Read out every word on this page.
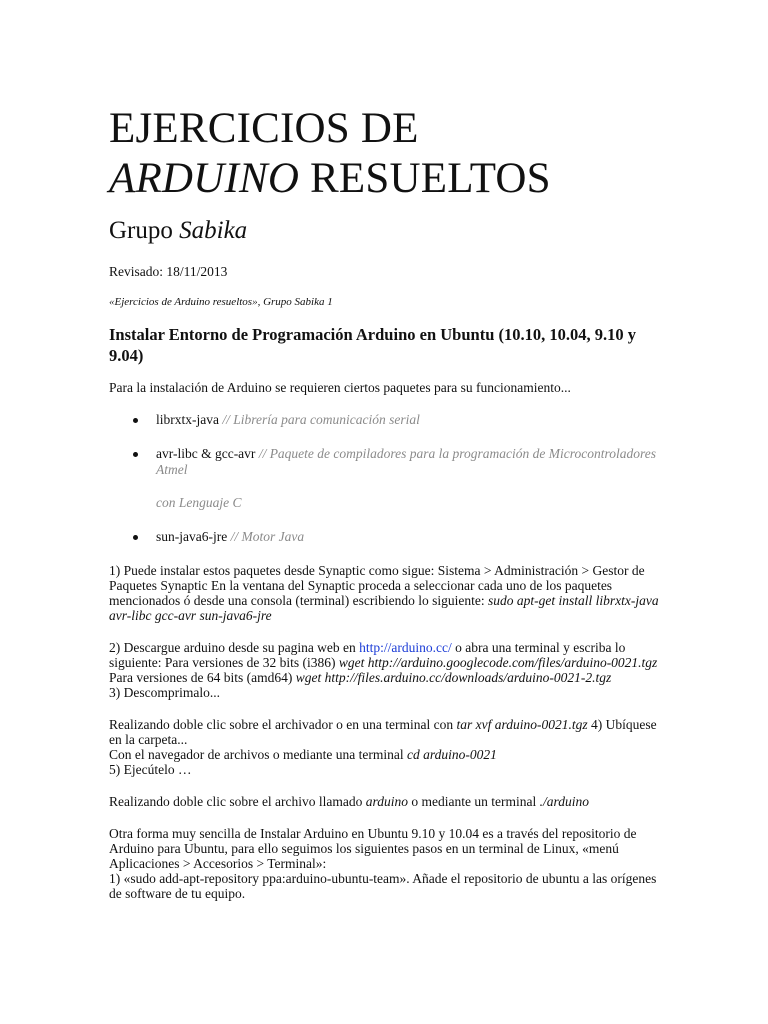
EJERCICIOS DE
ARDUINO RESUELTOS
Grupo Sabika

Revisado: 18/11/2013

«Ejercicios de Arduino resueltos», Grupo Sabika 1

Instalar Entorno de Programación Arduino en Ubuntu (10.10, 10.04, 9.10 y 9.04)

Para la instalación de Arduino se requieren ciertos paquetes para su funcionamiento...

librxtx-java // Librería para comunicación serial
avr-libc & gcc-avr // Paquete de compiladores para la programación de Microcontroladores Atmel
con Lenguaje C
sun-java6-jre // Motor Java

1) Puede instalar estos paquetes desde Synaptic como sigue: Sistema > Administración > Gestor de Paquetes Synaptic En la ventana del Synaptic proceda a seleccionar cada uno de los paquetes mencionados ó desde una consola (terminal) escribiendo lo siguiente: sudo apt-get install librxtx-java avr-libc gcc-avr sun-java6-jre

2) Descargue arduino desde su pagina web en http://arduino.cc/ o abra una terminal y escriba lo siguiente: Para versiones de 32 bits (i386) wget http://arduino.googlecode.com/files/arduino-0021.tgz
Para versiones de 64 bits (amd64) wget http://files.arduino.cc/downloads/arduino-0021-2.tgz
3) Descomprimalo...

Realizando doble clic sobre el archivador o en una terminal con tar xvf arduino-0021.tgz 4) Ubíquese en la carpeta...
Con el navegador de archivos o mediante una terminal cd arduino-0021
5) Ejecútelo …

Realizando doble clic sobre el archivo llamado arduino o mediante un terminal ./arduino

Otra forma muy sencilla de Instalar Arduino en Ubuntu 9.10 y 10.04 es a través del repositorio de Arduino para Ubuntu, para ello seguimos los siguientes pasos en un terminal de Linux, «menú Aplicaciones > Accesorios > Terminal»:
1) «sudo add-apt-repository ppa:arduino-ubuntu-team». Añade el repositorio de ubuntu a las orígenes de software de tu equipo.
